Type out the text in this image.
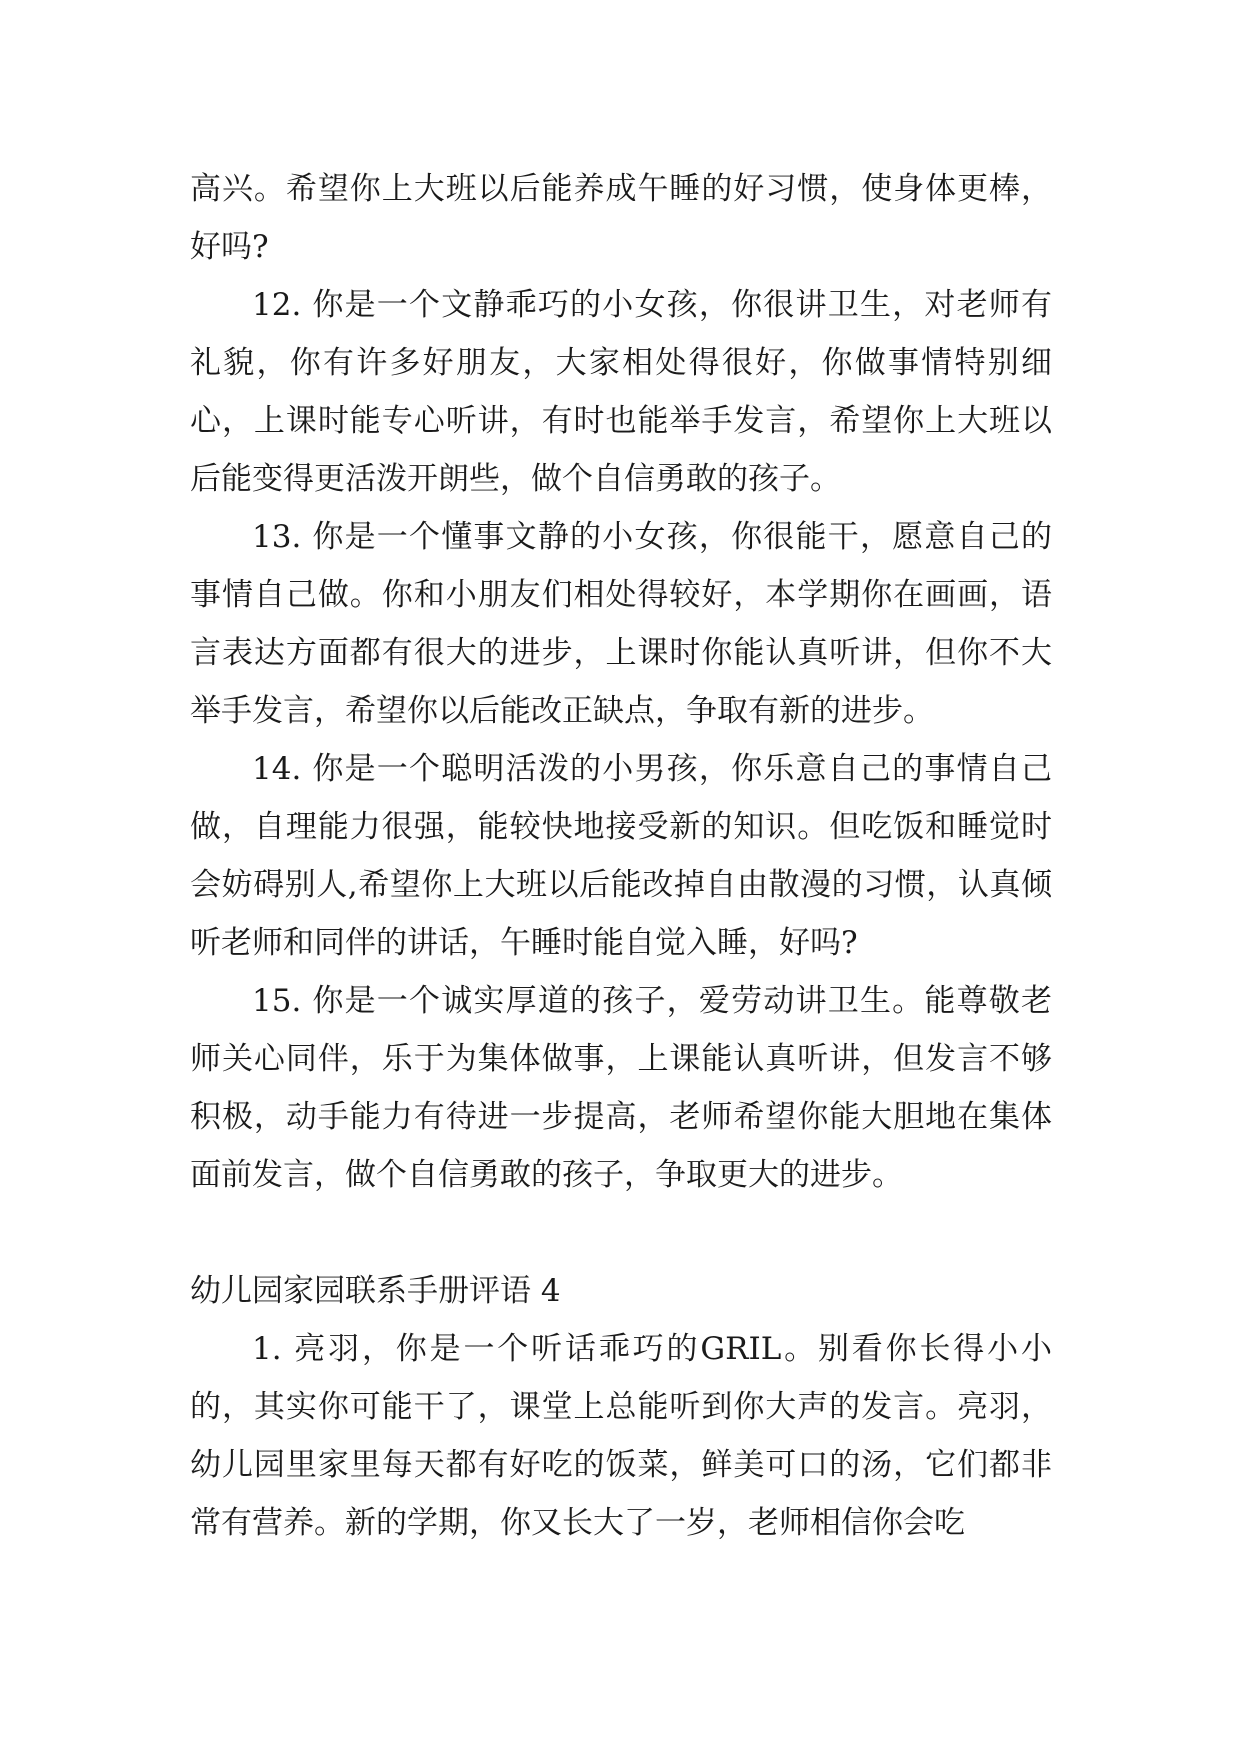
高兴。希望你上大班以后能养成午睡的好习惯，使身体更棒，好吗?

12. 你是一个文静乖巧的小女孩，你很讲卫生，对老师有礼貌，你有许多好朋友，大家相处得很好，你做事情特别细心，上课时能专心听讲，有时也能举手发言，希望你上大班以后能变得更活泼开朗些，做个自信勇敢的孩子。

13. 你是一个懂事文静的小女孩，你很能干，愿意自己的事情自己做。你和小朋友们相处得较好，本学期你在画画，语言表达方面都有很大的进步，上课时你能认真听讲，但你不大举手发言，希望你以后能改正缺点，争取有新的进步。

14. 你是一个聪明活泼的小男孩，你乐意自己的事情自己做，自理能力很强，能较快地接受新的知识。但吃饭和睡觉时会妨碍别人,希望你上大班以后能改掉自由散漫的习惯，认真倾听老师和同伴的讲话，午睡时能自觉入睡，好吗?

15. 你是一个诚实厚道的孩子，爱劳动讲卫生。能尊敬老师关心同伴，乐于为集体做事，上课能认真听讲，但发言不够积极，动手能力有待进一步提高，老师希望你能大胆地在集体面前发言，做个自信勇敢的孩子，争取更大的进步。

幼儿园家园联系手册评语 4

1. 亮羽，你是一个听话乖巧的GRIL。别看你长得小小的，其实你可能干了，课堂上总能听到你大声的发言。亮羽，幼儿园里家里每天都有好吃的饭菜，鲜美可口的汤，它们都非常有营养。新的学期，你又长大了一岁，老师相信你会吃
